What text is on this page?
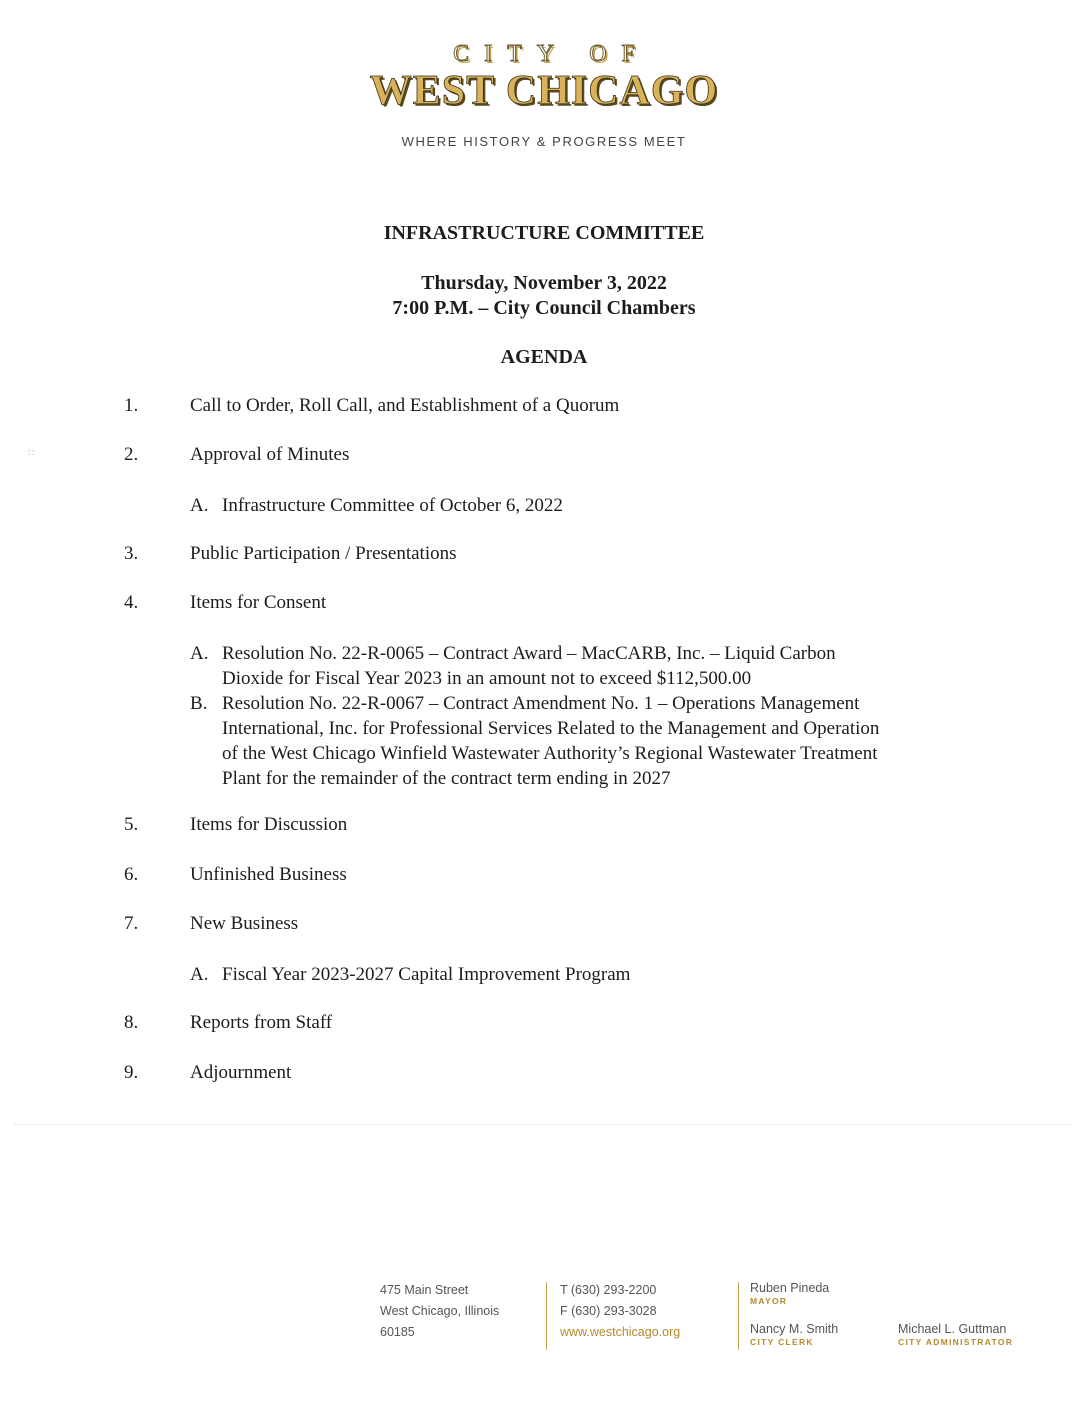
CITY OF
WEST CHICAGO
WHERE HISTORY & PROGRESS MEET
INFRASTRUCTURE COMMITTEE
Thursday, November 3, 2022
7:00 P.M. – City Council Chambers
AGENDA
∷
1.	Call to Order, Roll Call, and Establishment of a Quorum
2.	Approval of Minutes
A. Infrastructure Committee of October 6, 2022
3.	Public Participation / Presentations
4.	Items for Consent
A. Resolution No. 22-R-0065 – Contract Award – MacCARB, Inc. – Liquid Carbon
Dioxide for Fiscal Year 2023 in an amount not to exceed $112,500.00
B. Resolution No. 22-R-0067 – Contract Amendment No. 1 – Operations Management
International, Inc. for Professional Services Related to the Management and Operation
of the West Chicago Winfield Wastewater Authority’s Regional Wastewater Treatment
Plant for the remainder of the contract term ending in 2027
5.	Items for Discussion
6.	Unfinished Business
7.	New Business
A. Fiscal Year 2023-2027 Capital Improvement Program
8.	Reports from Staff
9.	Adjournment
475 Main Street
West Chicago, Illinois
60185
T (630) 293-2200
F (630) 293-3028
www.westchicago.org
Ruben Pineda
MAYOR
Nancy M. Smith
CITY CLERK
Michael L. Guttman
CITY ADMINISTRATOR
